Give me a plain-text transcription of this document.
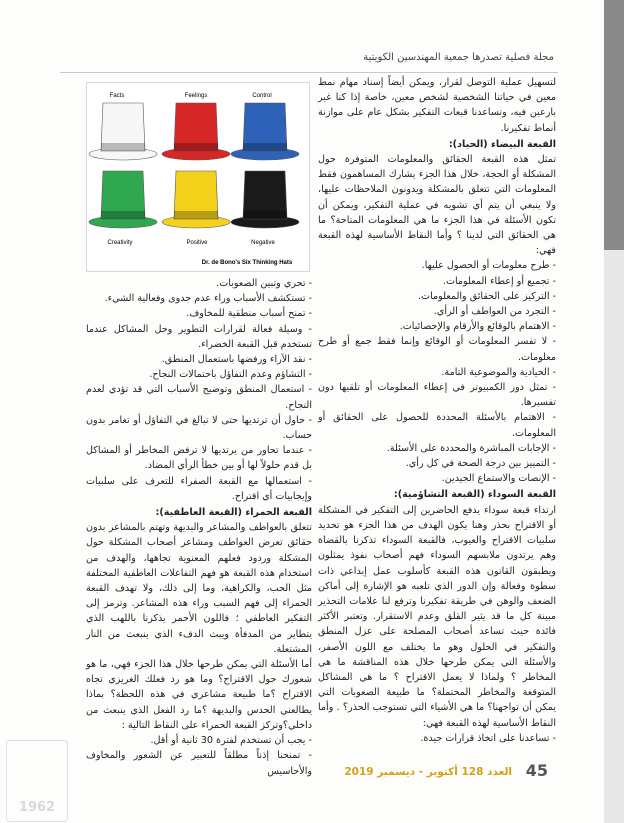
مجلة فصلية تصدرها جمعية المهندسين الكويتية
Facts	Feelings	Control
Creativity	Positive	Negative
Dr. de Bono's Six Thinking Hats

لتسهيل عملية التوصل لقرار، ويمكن أيضاً إسناد مهام نمط معين في حياتنا الشخصية لشخص معين، خاصة إذا كنا غير بارعين فيه، وتساعدنا قبعات التفكير بشكل عام على موازنة أنماط تفكيرنا.

القبعة البيضاء (الحياد):

تمثل هذه القبعة الحقائق والمعلومات المتوفرة حول المشكلة أو الحجة، خلال هذا الجزء يشارك المساهمون فقط المعلومات التي تتعلق بالمشكلة ويدونون الملاحظات عليها، ولا ينبغي أن يتم أي تشويه في عملية التفكير، ويمكن أن تكون الأسئلة في هذا الجزء ما هي المعلومات المتاحة؟ ما هي الحقائق التي لدينا ؟ وأما النقاط الأساسية لهذه القبعة فهي:

- طرح معلومات أو الحصول عليها.
- تجميع أو إعطاء المعلومات.
- التركيز على الحقائق والمعلومات.
- التجرد من العواطف أو الرأي.
- الاهتمام بالوقائع والأرقام والإحصائيات.
- لا تفسر المعلومات أو الوقائع وإنما فقط جمع أو طرح معلومات.
- الحيادية والموضوعية التامة.
- تمثل دور الكمبيوتر في إعطاء المعلومات أو تلقيها دون تفسيرها.
- الاهتمام بالأسئلة المحددة للحصول على الحقائق أو المعلومات.
- الإجابات المباشرة والمحددة على الأسئلة.
- التمييز بين درجة الصحة في كل رأي.
- الإنصات والاستماع الجيدين.

القبعة السوداء (القبعة التشاؤمية):

ارتداء قبعة سوداء يدفع الحاضرين إلى التفكير في المشكلة أو الاقتراح بحذر وهنا يكون الهدف من هذا الجزء هو تحديد سلبيات الاقتراح والعيوب، فالقبعة السوداء تذكرنا بالقضاة وهم يرتدون ملابسهم السوداء فهم أصحاب نفوذ يمثلون ويطبقون القانون هذه القبعة كأسلوب عمل إبداعي ذات سطوة وفعالة وإن الدور الذي تلعبه هو الإشارة إلى أماكن الضعف والوهن في طريقة تفكيرنا وترفع لنا علامات التحذير مبينة كل ما قد يثير القلق وعدم الاستقرار. وتعتبر الأكثر فائدة حيث تساعد أصحاب المصلحة على عزل المنطق والتفكير في الحلول وهو ما يختلف مع اللون الأصفر، والأسئلة التي يمكن طرحها خلال هذه المناقشة ما هي المخاطر ؟ ولماذا لا يعمل الاقتراح ؟ ما هي المشاكل المتوقعة والمخاطر المحتملة؟ ما طبيعة الصعوبات التي يمكن أن تواجهنا؟ ما هي الأشياء التي تستوجب الحذر؟ . وأما النقاط الأساسية لهذه القبعة فهي:

- تساعدنا على اتخاذ قرارات جيدة.
- تحري وتبين الصعوبات.
- تستكشف الأسباب وراء عدم جدوى وفعالية الشيء.
- تمنح أسباب منطقية للمخاوف.
- وسيلة فعالة لقرارات التطوير وحل المشاكل عندما تستخدم قبل القبعة الخضراء.
- نقد الآراء ورفضها باستعمال المنطق.
- التشاؤم وعدم التفاؤل باحتمالات النجاح.
- استعمال المنطق وتوضيح الأسباب التي قد تؤدي لعدم النجاح.
- حاول أن ترتديها حتى لا تبالغ في التفاؤل أو تغامر بدون حساب.
- عندما تحاور من يرتديها لا ترفض المخاطر أو المشاكل بل قدم حلولاً لها أو بين خطأ الرأي المضاد.
- استعمالها مع القبعة الصفراء للتعرف على سلبيات وإيجابيات أي اقتراح.

القبعة الحمراء (القبعة العاطفية):

تتعلق بالعواطف والمشاعر والبديهة وتهتم بالمشاعر بدون حقائق تعرض العواطف ومشاعر أصحاب المشكلة حول المشكلة وردود فعلهم المعنوية تجاهها، والهدف من استخدام هذه القبعة هو فهم التفاعلات العاطفية المختلفة مثل الحب، والكراهية، وما إلى ذلك، ولا تهدف القبعة الحمراء إلى فهم السبب وراء هذه المشاعر. وترمز إلى التفكير العاطفي ؛ فاللون الأحمر يذكرنا باللهب الذي يتطاير من المدفأة ويبث الدفء الذي ينبعث من النار المشتعلة.

أما الأسئلة التي يمكن طرحها خلال هذا الجزء فهي، ما هو شعورك حول الاقتراح؟ وما هو رد فعلك الغريزي تجاه الاقتراح ؟ما طبيعة مشاعري في هذه اللحظة؟ بماذا يطالعني الحدس والبديهة ؟ما رد الفعل الذي ينبعث من داخلي؟وتركز القبعة الحمراء على النقاط التالية :

- يجب أن تستخدم لفترة 30 ثانية أو أقل.
- تمنحنا إذناً مطلقاً للتعبير عن الشعور والمخاوف والأحاسيس	45
العدد 128 أكتوبر - ديسمبر 2019
1962
